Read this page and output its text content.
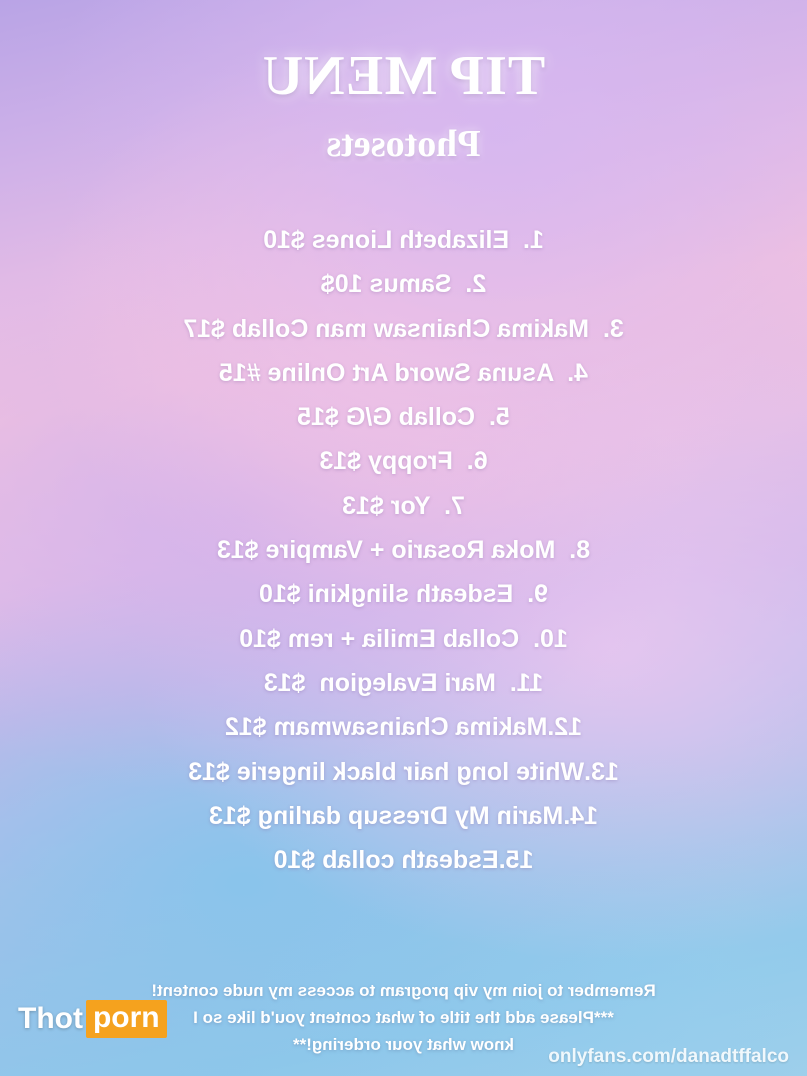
TIP MENU
Photosets
1.  Elizabeth Liones $10
2.  Samus 10$
3.  Makima Chainsaw man Collab $17
4.  Asuna Sword Art Online #15
5.  Collab G/G $15
6.  Froppy $13
7.  Yor $13
8.  Moka Rosario + Vampire $13
9.  Esdeath slingkini $10
10.  Collab Emilia + rem $10
11.  Mari Evalegion  $13
12.Makima Chainsawmam $12
13.White long hair black lingerie $13
14.Marin My Dressup darling $13
15.Esdeath collab $10
Remember to join my vip program to access my nude content!
***Please add the title of what content you'd like so I
know what your ordering!**
onlyfans.com/danadtffalco
Thot porn
